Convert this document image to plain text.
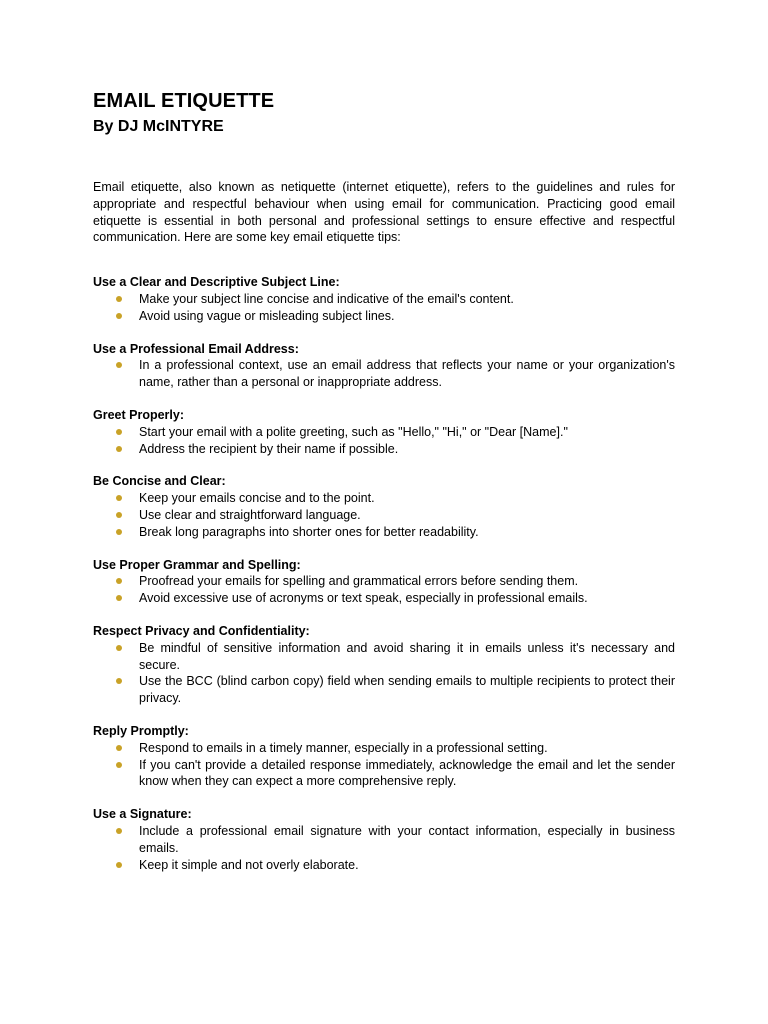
EMAIL ETIQUETTE
By DJ McINTYRE

Email etiquette, also known as netiquette (internet etiquette), refers to the guidelines and rules for appropriate and respectful behaviour when using email for communication. Practicing good email etiquette is essential in both personal and professional settings to ensure effective and respectful communication. Here are some key email etiquette tips:

Use a Clear and Descriptive Subject Line:
Make your subject line concise and indicative of the email's content.
Avoid using vague or misleading subject lines.
Use a Professional Email Address:
In a professional context, use an email address that reflects your name or your organization's name, rather than a personal or inappropriate address.
Greet Properly:
Start your email with a polite greeting, such as "Hello," "Hi," or "Dear [Name]."
Address the recipient by their name if possible.
Be Concise and Clear:
Keep your emails concise and to the point.
Use clear and straightforward language.
Break long paragraphs into shorter ones for better readability.
Use Proper Grammar and Spelling:
Proofread your emails for spelling and grammatical errors before sending them.
Avoid excessive use of acronyms or text speak, especially in professional emails.
Respect Privacy and Confidentiality:
Be mindful of sensitive information and avoid sharing it in emails unless it's necessary and secure.
Use the BCC (blind carbon copy) field when sending emails to multiple recipients to protect their privacy.
Reply Promptly:
Respond to emails in a timely manner, especially in a professional setting.
If you can't provide a detailed response immediately, acknowledge the email and let the sender know when they can expect a more comprehensive reply.
Use a Signature:
Include a professional email signature with your contact information, especially in business emails.
Keep it simple and not overly elaborate.
